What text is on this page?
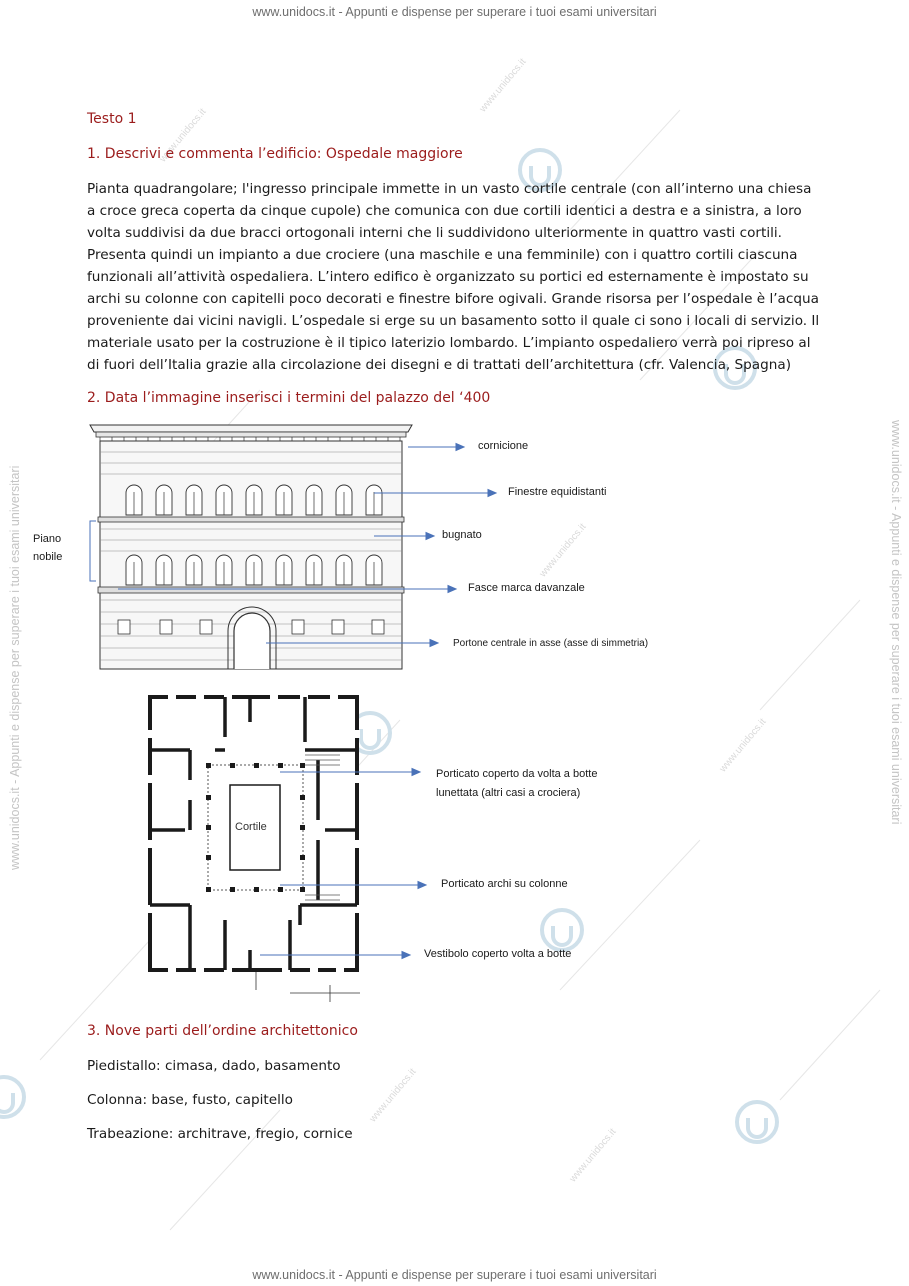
www.unidocs.it - Appunti e dispense per superare i tuoi esami universitari
www.unidocs.it - Appunti e dispense per superare i tuoi esami universitari
www.unidocs.it - Appunti e dispense per superare i tuoi esami universitari	www.unidocs.it - Appunti e dispense per superare i tuoi esami universitari
www.unidocs.it
www.unidocs.it
www.unidocs.it
www.unidocs.it
www.unidocs.it
www.unidocs.it
Testo 1
1. Descrivi e commenta l’edificio: Ospedale maggiore
Pianta quadrangolare; l'ingresso principale immette in un vasto cortile centrale (con all’interno una chiesa
a croce greca coperta da cinque cupole) che comunica con due cortili identici a destra e a sinistra, a loro
volta suddivisi da due bracci ortogonali interni che li suddividono ulteriormente in quattro vasti cortili.
Presenta quindi un impianto a due crociere (una maschile e una femminile) con i quattro cortili ciascuna
funzionali all’attività ospedaliera. L’intero edifico è organizzato su portici ed esternamente è impostato su
archi su colonne con capitelli poco decorati e finestre bifore ogivali. Grande risorsa per l’ospedale è l’acqua
proveniente dai vicini navigli. L’ospedale si erge su un basamento sotto il quale ci sono i locali di servizio. Il
materiale usato per la costruzione è il tipico laterizio lombardo. L’impianto ospedaliero verrà poi ripreso al
di fuori dell’Italia grazie alla circolazione dei disegni e di trattati dell’architettura (cfr. Valencia, Spagna)
2. Data l’immagine inserisci i termini del palazzo del ‘400
cornicione
Finestre equidistanti
bugnato
Piano
nobile
Fasce marca davanzale
Portone centrale in asse (asse di simmetria)
Cortile
Porticato coperto da volta a botte
lunettata (altri casi a crociera)
Porticato archi su colonne
Vestibolo coperto volta a botte
3. Nove parti dell’ordine architettonico
Piedistallo: cimasa, dado, basamento
Colonna: base, fusto, capitello
Trabeazione: architrave, fregio, cornice
